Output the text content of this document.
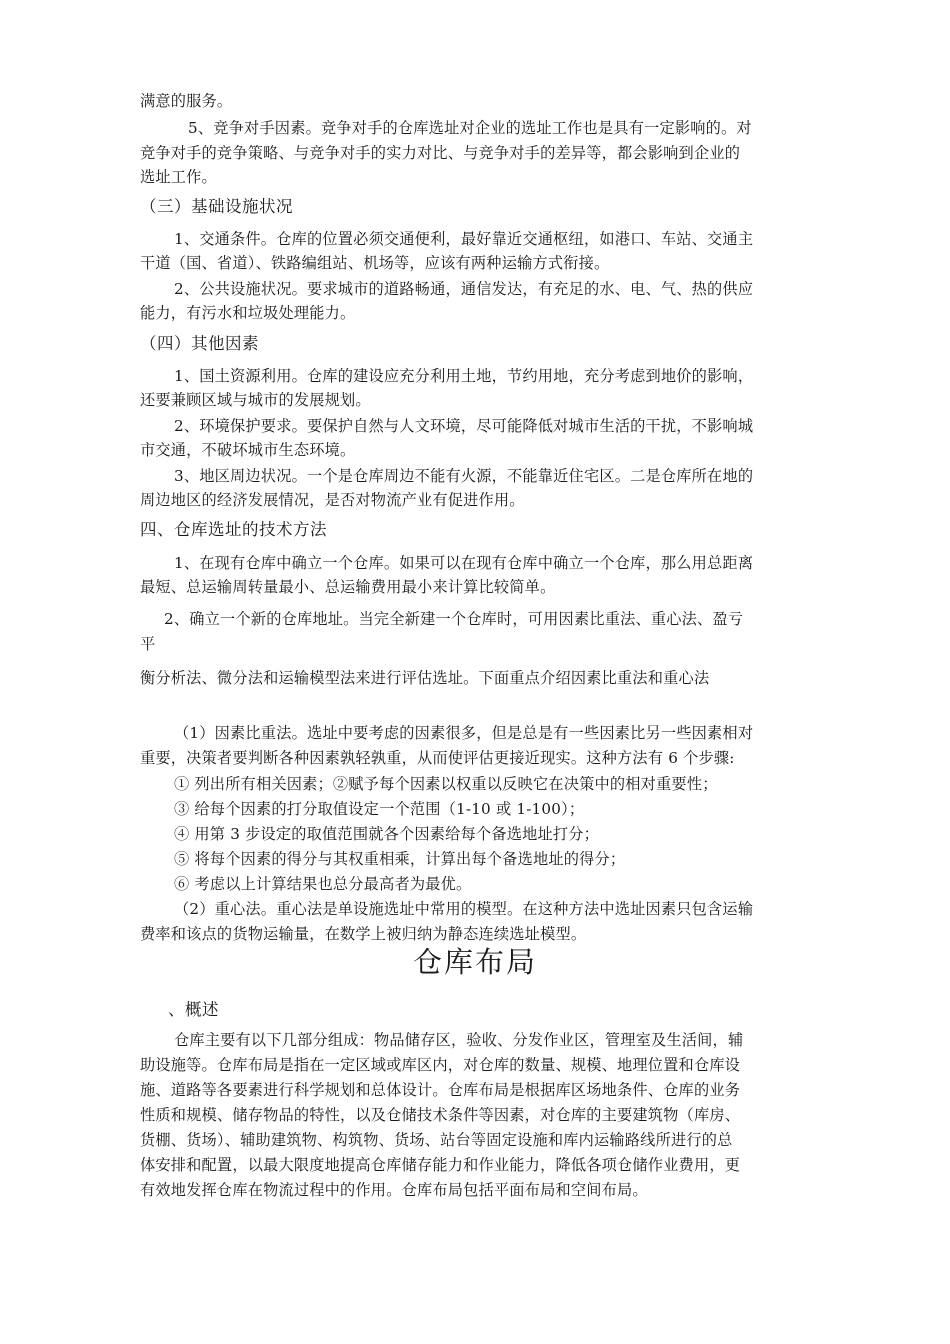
仓库布局
满意的服务。
5、竞争对手因素。竞争对手的仓库选址对企业的选址工作也是具有一定影响的。对
竞争对手的竞争策略、与竞争对手的实力对比、与竞争对手的差异等，都会影响到企业的
选址工作。
（三）基础设施状况
1、交通条件。仓库的位置必须交通便利，最好靠近交通枢纽，如港口、车站、交通主
干道（国、省道）、铁路编组站、机场等，应该有两种运输方式衔接。
2、公共设施状况。要求城市的道路畅通，通信发达，有充足的水、电、气、热的供应
能力，有污水和垃圾处理能力。
（四）其他因素
1、国土资源利用。仓库的建设应充分利用土地，节约用地，充分考虑到地价的影响，
还要兼顾区域与城市的发展规划。
2、环境保护要求。要保护自然与人文环境，尽可能降低对城市生活的干扰，不影响城
市交通，不破坏城市生态环境。
3、地区周边状况。一个是仓库周边不能有火源，不能靠近住宅区。二是仓库所在地的
周边地区的经济发展情况，是否对物流产业有促进作用。
四、仓库选址的技术方法
1、在现有仓库中确立一个仓库。如果可以在现有仓库中确立一个仓库，那么用总距离
最短、总运输周转量最小、总运输费用最小来计算比较简单。
2、确立一个新的仓库地址。当完全新建一个仓库时，可用因素比重法、重心法、盈亏
平
衡分析法、微分法和运输模型法来进行评估选址。下面重点介绍因素比重法和重心法
（1）因素比重法。选址中要考虑的因素很多，但是总是有一些因素比另一些因素相对
重要，决策者要判断各种因素孰轻孰重，从而使评估更接近现实。这种方法有 6 个步骤:
① 列出所有相关因素；②赋予每个因素以权重以反映它在决策中的相对重要性；
③ 给每个因素的打分取值设定一个范围（1-10 或 1-100）；
④ 用第 3 步设定的取值范围就各个因素给每个备选地址打分；
⑤ 将每个因素的得分与其权重相乘，计算出每个备选地址的得分；
⑥ 考虑以上计算结果也总分最高者为最优。
（2）重心法。重心法是单设施选址中常用的模型。在这种方法中选址因素只包含运输
费率和该点的货物运输量，在数学上被归纳为静态连续选址模型。
、概述
仓库主要有以下几部分组成：物品储存区，验收、分发作业区，管理室及生活间，辅
助设施等。仓库布局是指在一定区域或库区内，对仓库的数量、规模、地理位置和仓库设
施、道路等各要素进行科学规划和总体设计。仓库布局是根据库区场地条件、仓库的业务
性质和规模、储存物品的特性，以及仓储技术条件等因素，对仓库的主要建筑物（库房、
货棚、货场）、辅助建筑物、构筑物、货场、站台等固定设施和库内运输路线所进行的总
体安排和配置，以最大限度地提高仓库储存能力和作业能力，降低各项仓储作业费用，更
有效地发挥仓库在物流过程中的作用。仓库布局包括平面布局和空间布局。
